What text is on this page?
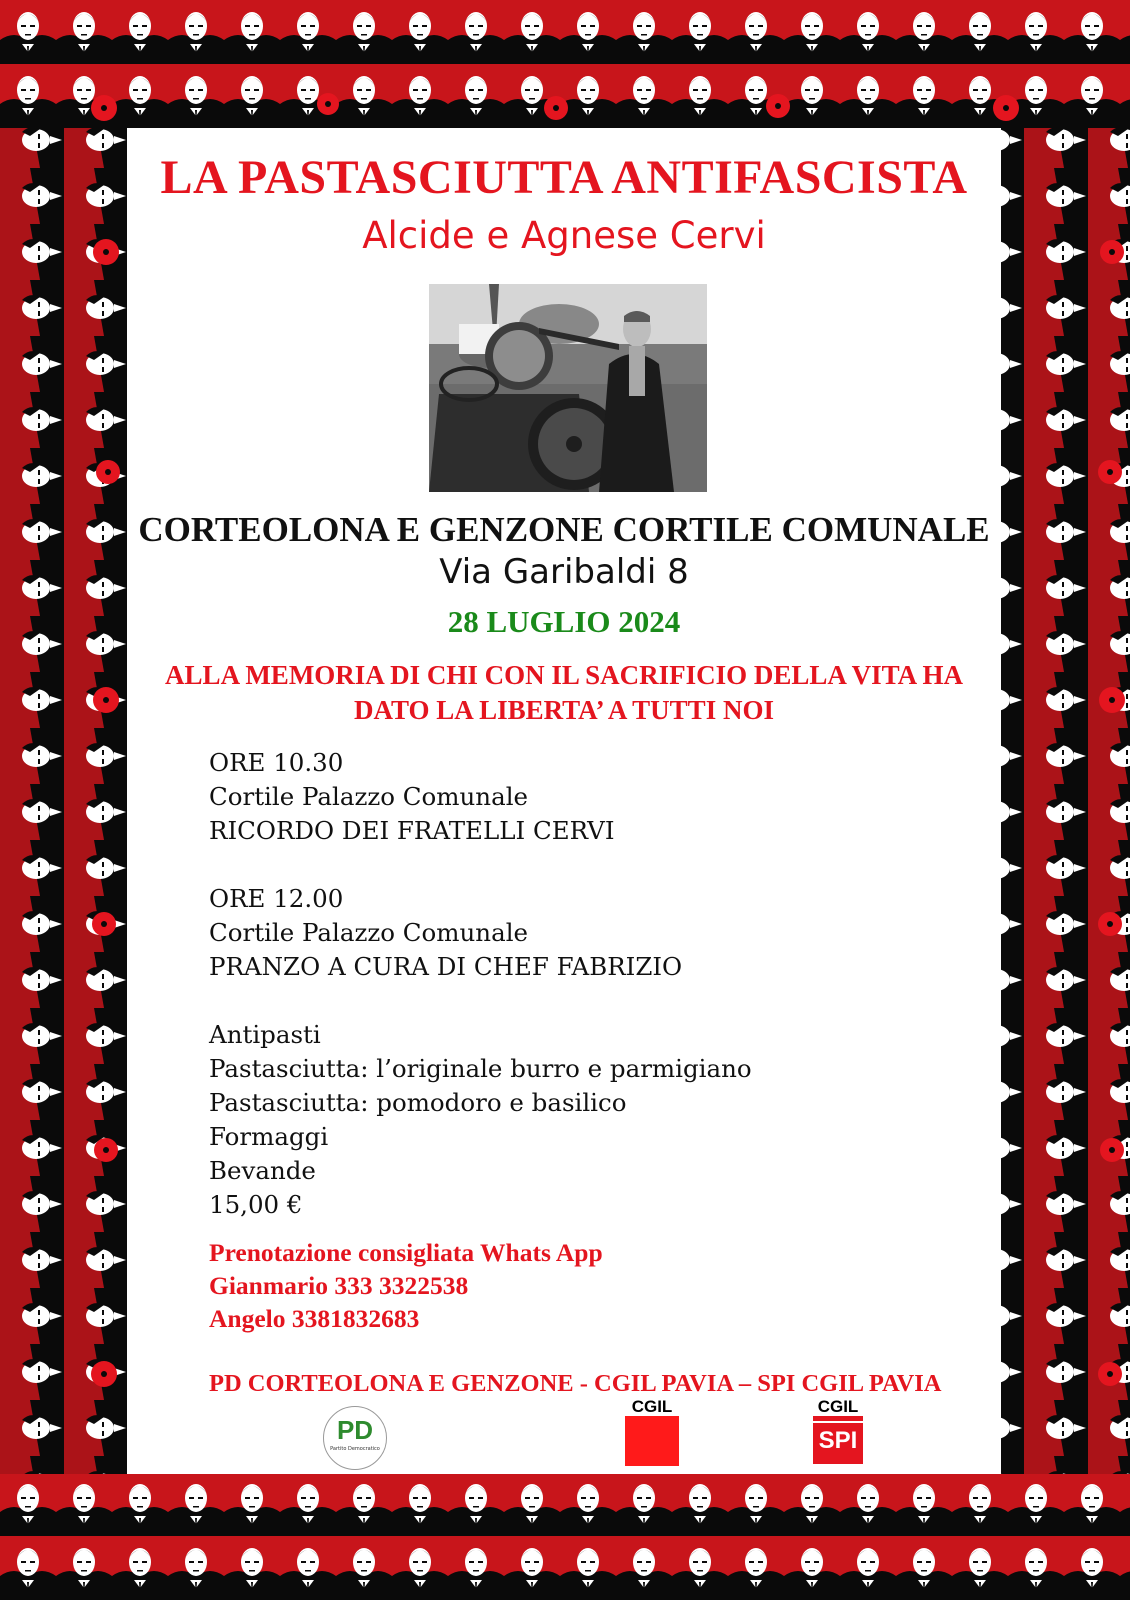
LA PASTASCIUTTA ANTIFASCISTA
Alcide e Agnese Cervi
CORTEOLONA E GENZONE CORTILE COMUNALE
Via Garibaldi 8
28 LUGLIO 2024
ALLA MEMORIA DI CHI CON IL SACRIFICIO DELLA VITA HA
DATO LA LIBERTA’ A TUTTI NOI
ORE 10.30
Cortile Palazzo Comunale
RICORDO DEI FRATELLI CERVI
ORE 12.00
Cortile Palazzo Comunale
PRANZO A CURA DI CHEF FABRIZIO
Antipasti
Pastasciutta: l’originale burro e parmigiano
Pastasciutta: pomodoro e basilico
Formaggi
Bevande
15,00 €
Prenotazione consigliata Whats App
Gianmario 333 3322538
Angelo 3381832683
PD CORTEOLONA E GENZONE - CGIL PAVIA – SPI CGIL PAVIA
PD
Partito Democratico
CGIL	CGIL
SPI
